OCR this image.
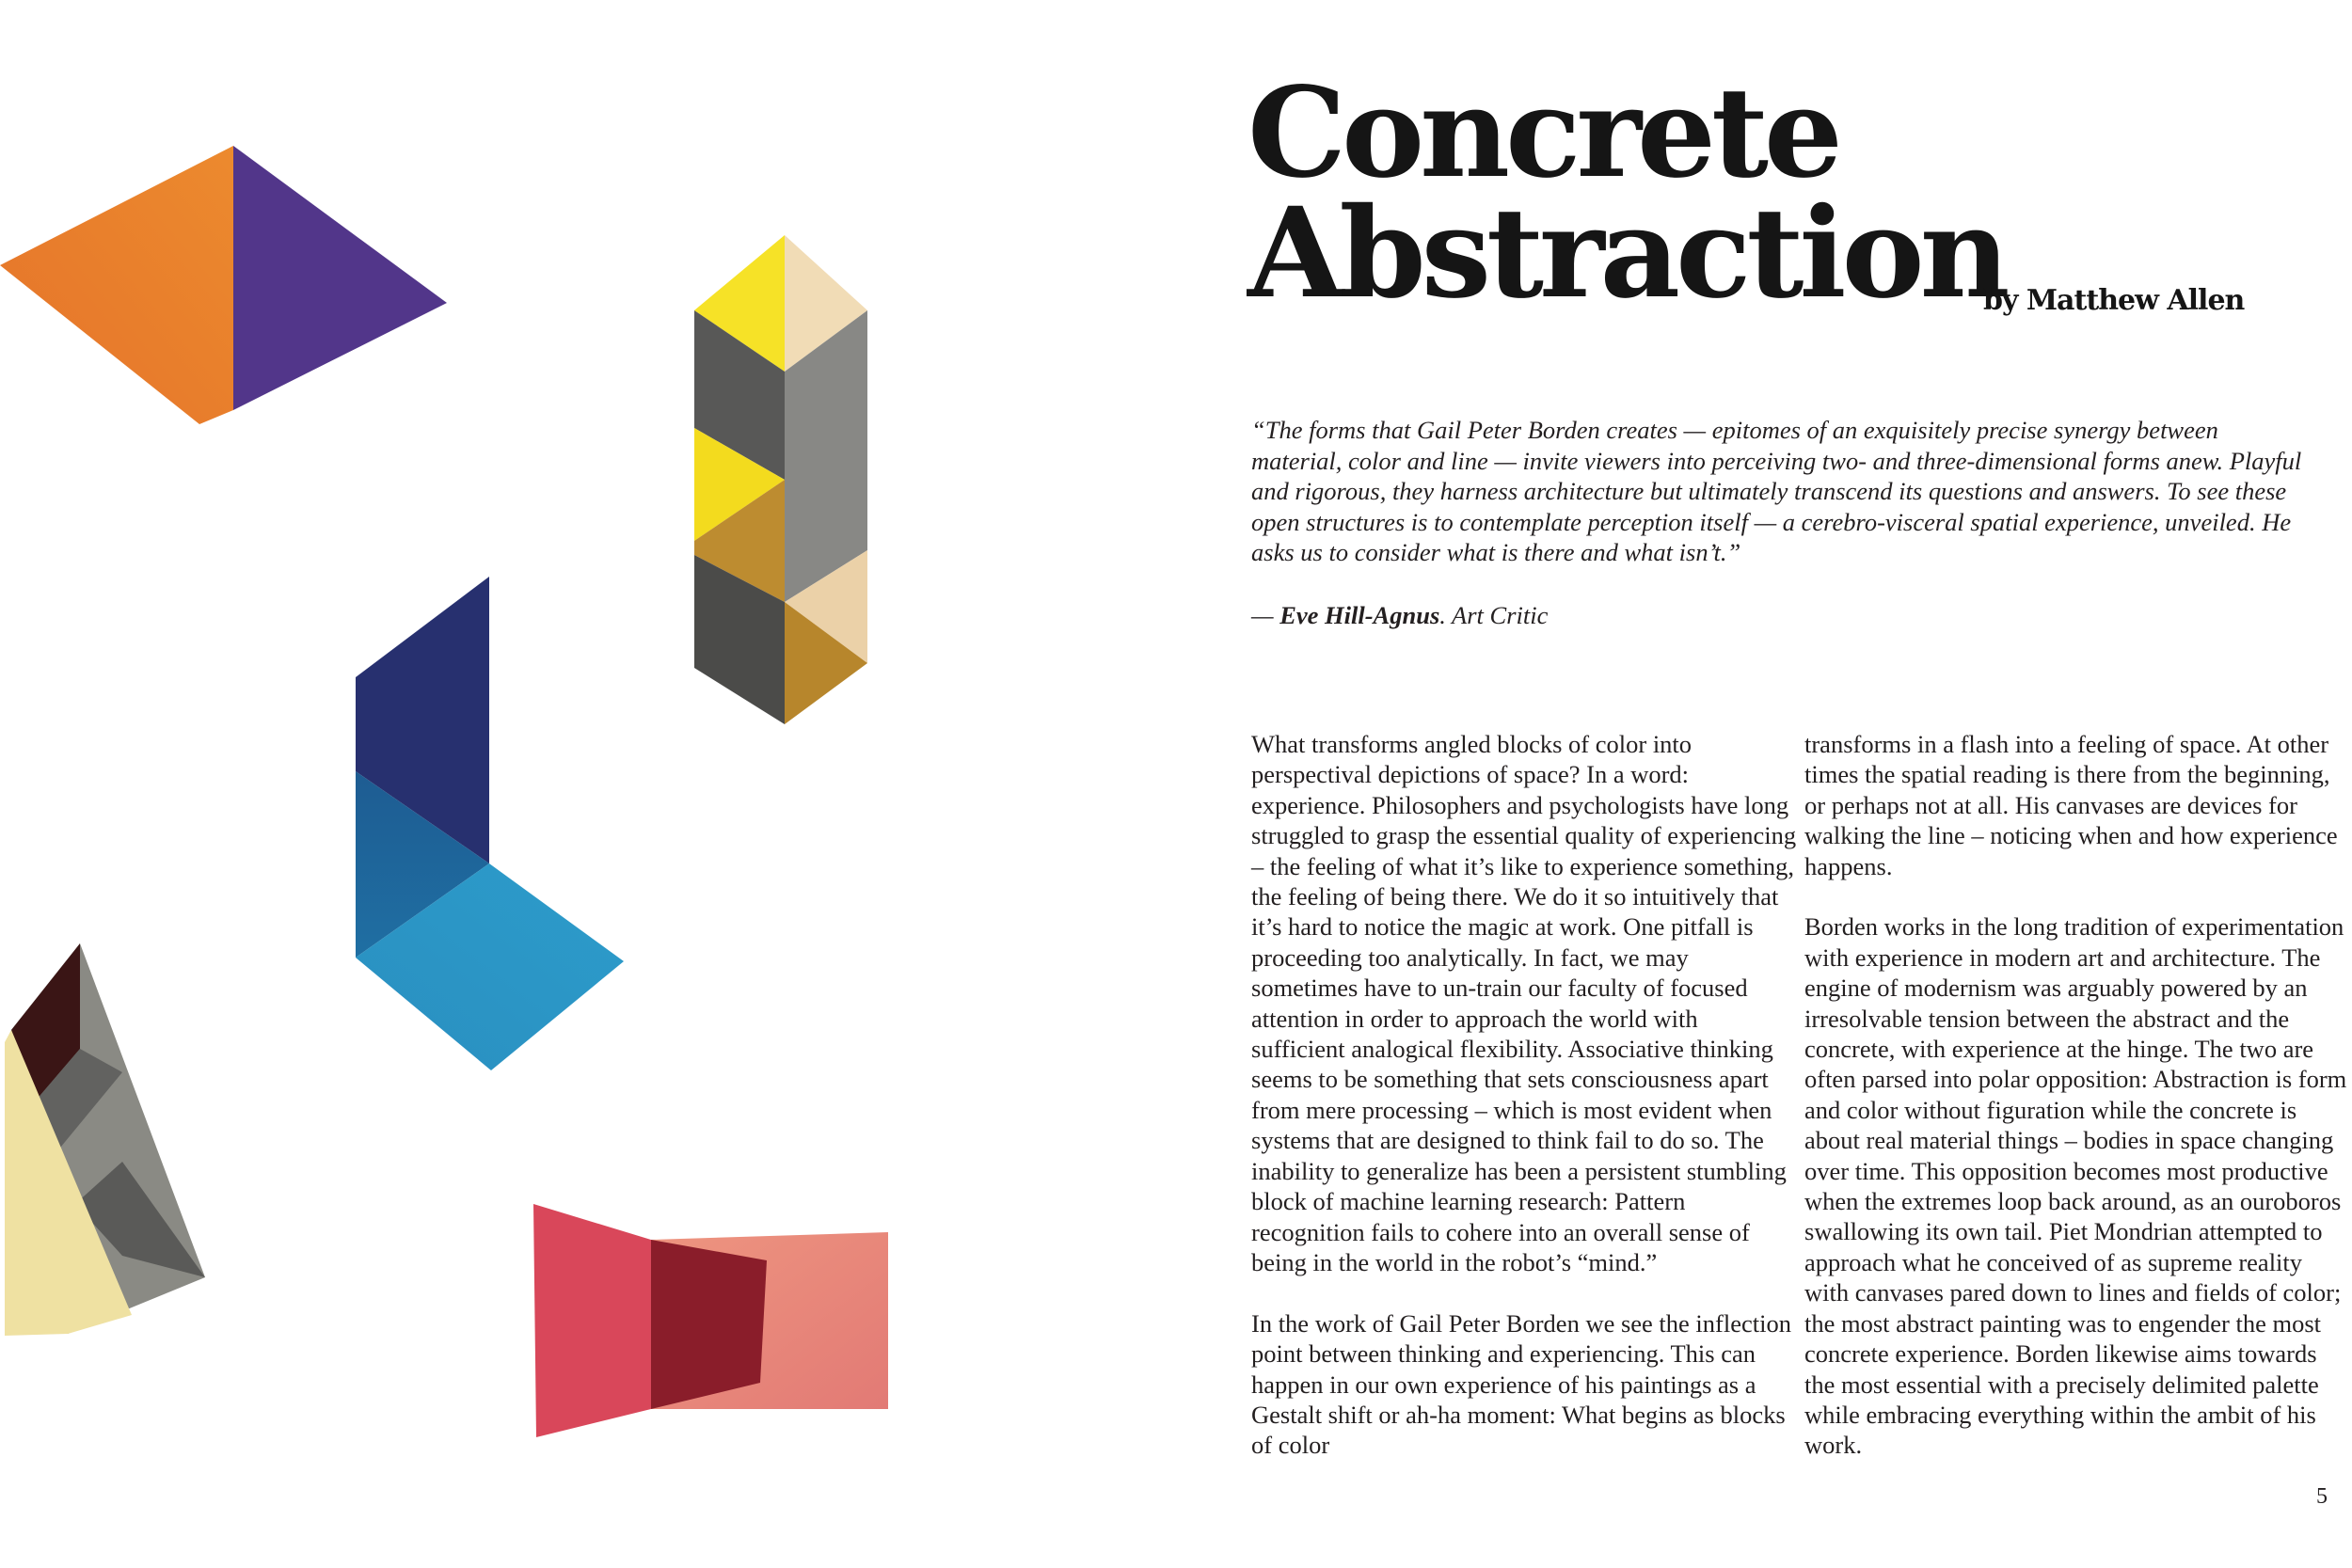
Concrete
Abstraction
by Matthew Allen

“The forms that Gail Peter Borden creates — epitomes of an exquisitely precise synergy between material, color and line — invite viewers into perceiving two- and three-dimensional forms anew. Playful and rigorous, they harness architecture but ultimately transcend its questions and answers. To see these open structures is to contemplate perception itself — a cerebro-visceral spatial experience, unveiled. He asks us to consider what is there and what isn’t.”

— Eve Hill-Agnus. Art Critic

What transforms angled blocks of color into perspectival depictions of space? In a word: experience. Philosophers and psychologists have long struggled to grasp the essential quality of experiencing – the feeling of what it’s like to experience something, the feeling of being there. We do it so intuitively that it’s hard to notice the magic at work. One pitfall is proceeding too analytically. In fact, we may sometimes have to un-train our faculty of focused attention in order to approach the world with sufficient analogical flexibility. Associative thinking seems to be something that sets consciousness apart from mere processing – which is most evident when systems that are designed to think fail to do so. The inability to generalize has been a persistent stumbling block of machine learning research: Pattern recognition fails to cohere into an overall sense of being in the world in the robot’s “mind.”

In the work of Gail Peter Borden we see the inflection point between thinking and experiencing. This can happen in our own experience of his paintings as a Gestalt shift or ah-ha moment: What begins as blocks of color

transforms in a flash into a feeling of space. At other times the spatial reading is there from the beginning, or perhaps not at all. His canvases are devices for walking the line – noticing when and how experience happens.

Borden works in the long tradition of experimentation with experience in modern art and architecture. The engine of modernism was arguably powered by an irresolvable tension between the abstract and the concrete, with experience at the hinge. The two are often parsed into polar opposition: Abstraction is form and color without figuration while the concrete is about real material things – bodies in space changing over time. This opposition becomes most productive when the extremes loop back around, as an ouroboros swallowing its own tail. Piet Mondrian attempted to approach what he conceived of as supreme reality with canvases pared down to lines and fields of color; the most abstract painting was to engender the most concrete experience. Borden likewise aims towards the most essential with a precisely delimited palette while embracing everything within the ambit of his work.

5
